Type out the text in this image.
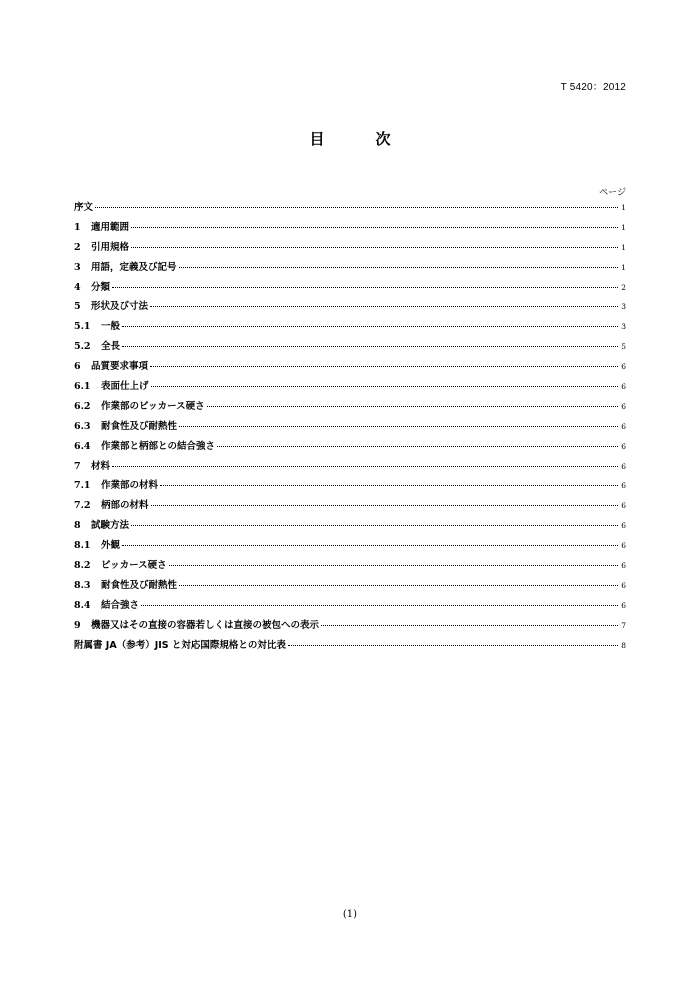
T 5420：2012
目　次
ページ
序文	1
1	適用範囲	1
2	引用規格	1
3	用語，定義及び記号	1
4	分類	2
5	形状及び寸法	3
5.1	一般	3
5.2	全長	5
6	品質要求事項	6
6.1	表面仕上げ	6
6.2	作業部のビッカース硬さ	6
6.3	耐食性及び耐熱性	6
6.4	作業部と柄部との結合強さ	6
7	材料	6
7.1	作業部の材料	6
7.2	柄部の材料	6
8	試験方法	6
8.1	外観	6
8.2	ビッカース硬さ	6
8.3	耐食性及び耐熱性	6
8.4	結合強さ	6
9	機器又はその直接の容器若しくは直接の被包への表示	7
附属書 JA（参考）JIS と対応国際規格との対比表	8
(1)
